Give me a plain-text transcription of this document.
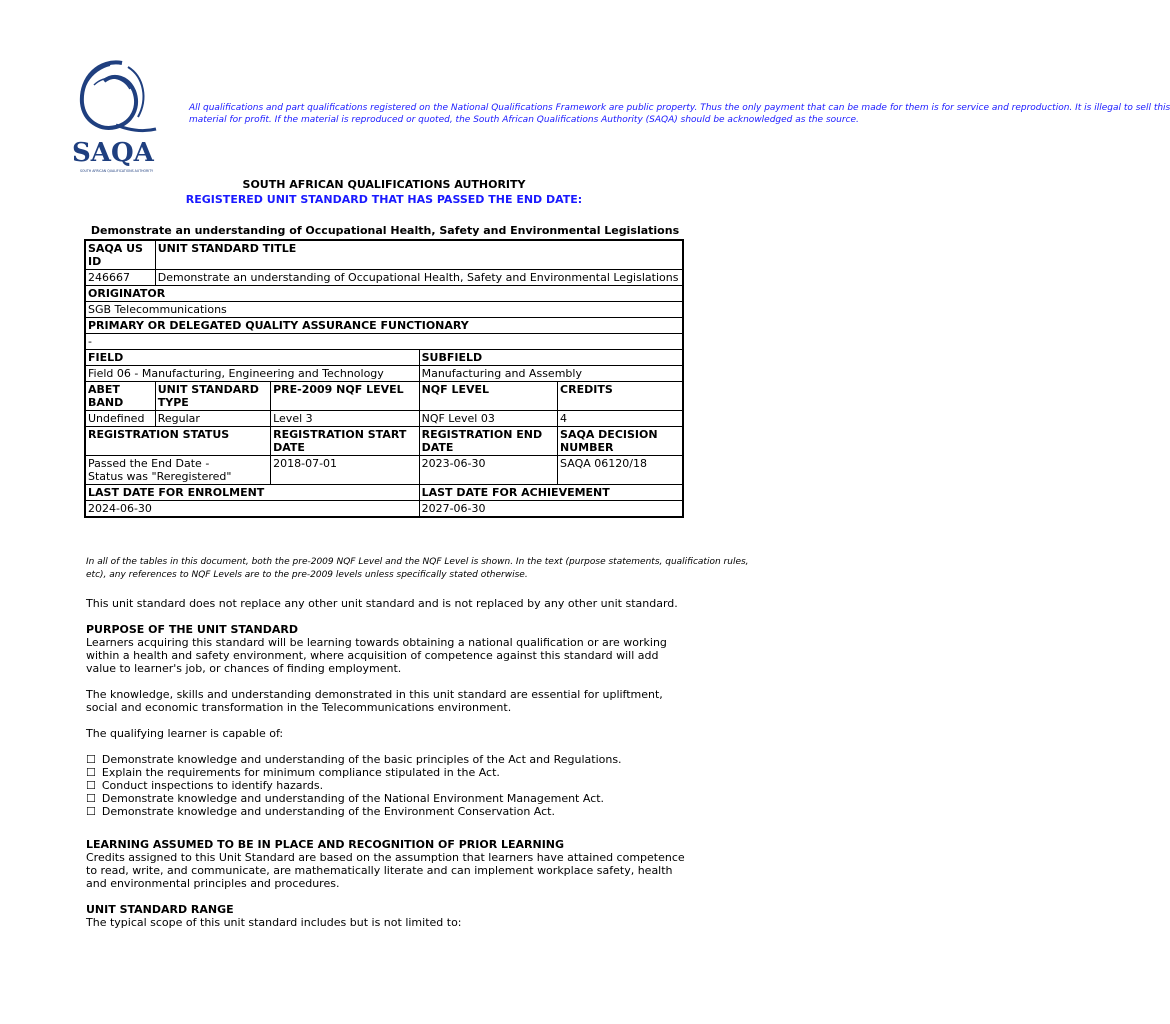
SAQA
SOUTH AFRICAN QUALIFICATIONS AUTHORITY
All qualifications and part qualifications registered on the National Qualifications Framework are public property. Thus the only payment that can be made for them is for service and reproduction. It is illegal to sell this
material for profit. If the material is reproduced or quoted, the South African Qualifications Authority (SAQA) should be acknowledged as the source.
SOUTH AFRICAN QUALIFICATIONS AUTHORITY
REGISTERED UNIT STANDARD THAT HAS PASSED THE END DATE:
Demonstrate an understanding of Occupational Health, Safety and Environmental Legislations
SAQA US ID	UNIT STANDARD TITLE			
246667	Demonstrate an understanding of Occupational Health, Safety and Environmental Legislations			
ORIGINATOR				
SGB Telecommunications				
PRIMARY OR DELEGATED QUALITY ASSURANCE FUNCTIONARY				
-				
FIELD			SUBFIELD	
Field 06 - Manufacturing, Engineering and Technology			Manufacturing and Assembly	
ABET BAND	UNIT STANDARD TYPE	PRE-2009 NQF LEVEL	NQF LEVEL	CREDITS
Undefined	Regular	Level 3	NQF Level 03	4
REGISTRATION STATUS		REGISTRATION START DATE	REGISTRATION END DATE	SAQA DECISION NUMBER
Passed the End Date -
Status was "Reregistered"		2018-07-01	2023-06-30	SAQA 06120/18
LAST DATE FOR ENROLMENT			LAST DATE FOR ACHIEVEMENT	
2024-06-30			2027-06-30	
In all of the tables in this document, both the pre-2009 NQF Level and the NQF Level is shown. In the text (purpose statements, qualification rules, etc), any references to NQF Levels are to the pre-2009 levels unless specifically stated otherwise.

This unit standard does not replace any other unit standard and is not replaced by any other unit standard.

PURPOSE OF THE UNIT STANDARD

Learners acquiring this standard will be learning towards obtaining a national qualification or are working within a health and safety environment, where acquisition of competence against this standard will add value to learner's job, or chances of finding employment.

The knowledge, skills and understanding demonstrated in this unit standard are essential for upliftment, social and economic transformation in the Telecommunications environment.

The qualifying learner is capable of:

☐ Demonstrate knowledge and understanding of the basic principles of the Act and Regulations.
☐ Explain the requirements for minimum compliance stipulated in the Act.
☐ Conduct inspections to identify hazards.
☐ Demonstrate knowledge and understanding of the National Environment Management Act.
☐ Demonstrate knowledge and understanding of the Environment Conservation Act.
LEARNING ASSUMED TO BE IN PLACE AND RECOGNITION OF PRIOR LEARNING

Credits assigned to this Unit Standard are based on the assumption that learners have attained competence to read, write, and communicate, are mathematically literate and can implement workplace safety, health and environmental principles and procedures.

UNIT STANDARD RANGE

The typical scope of this unit standard includes but is not limited to:
